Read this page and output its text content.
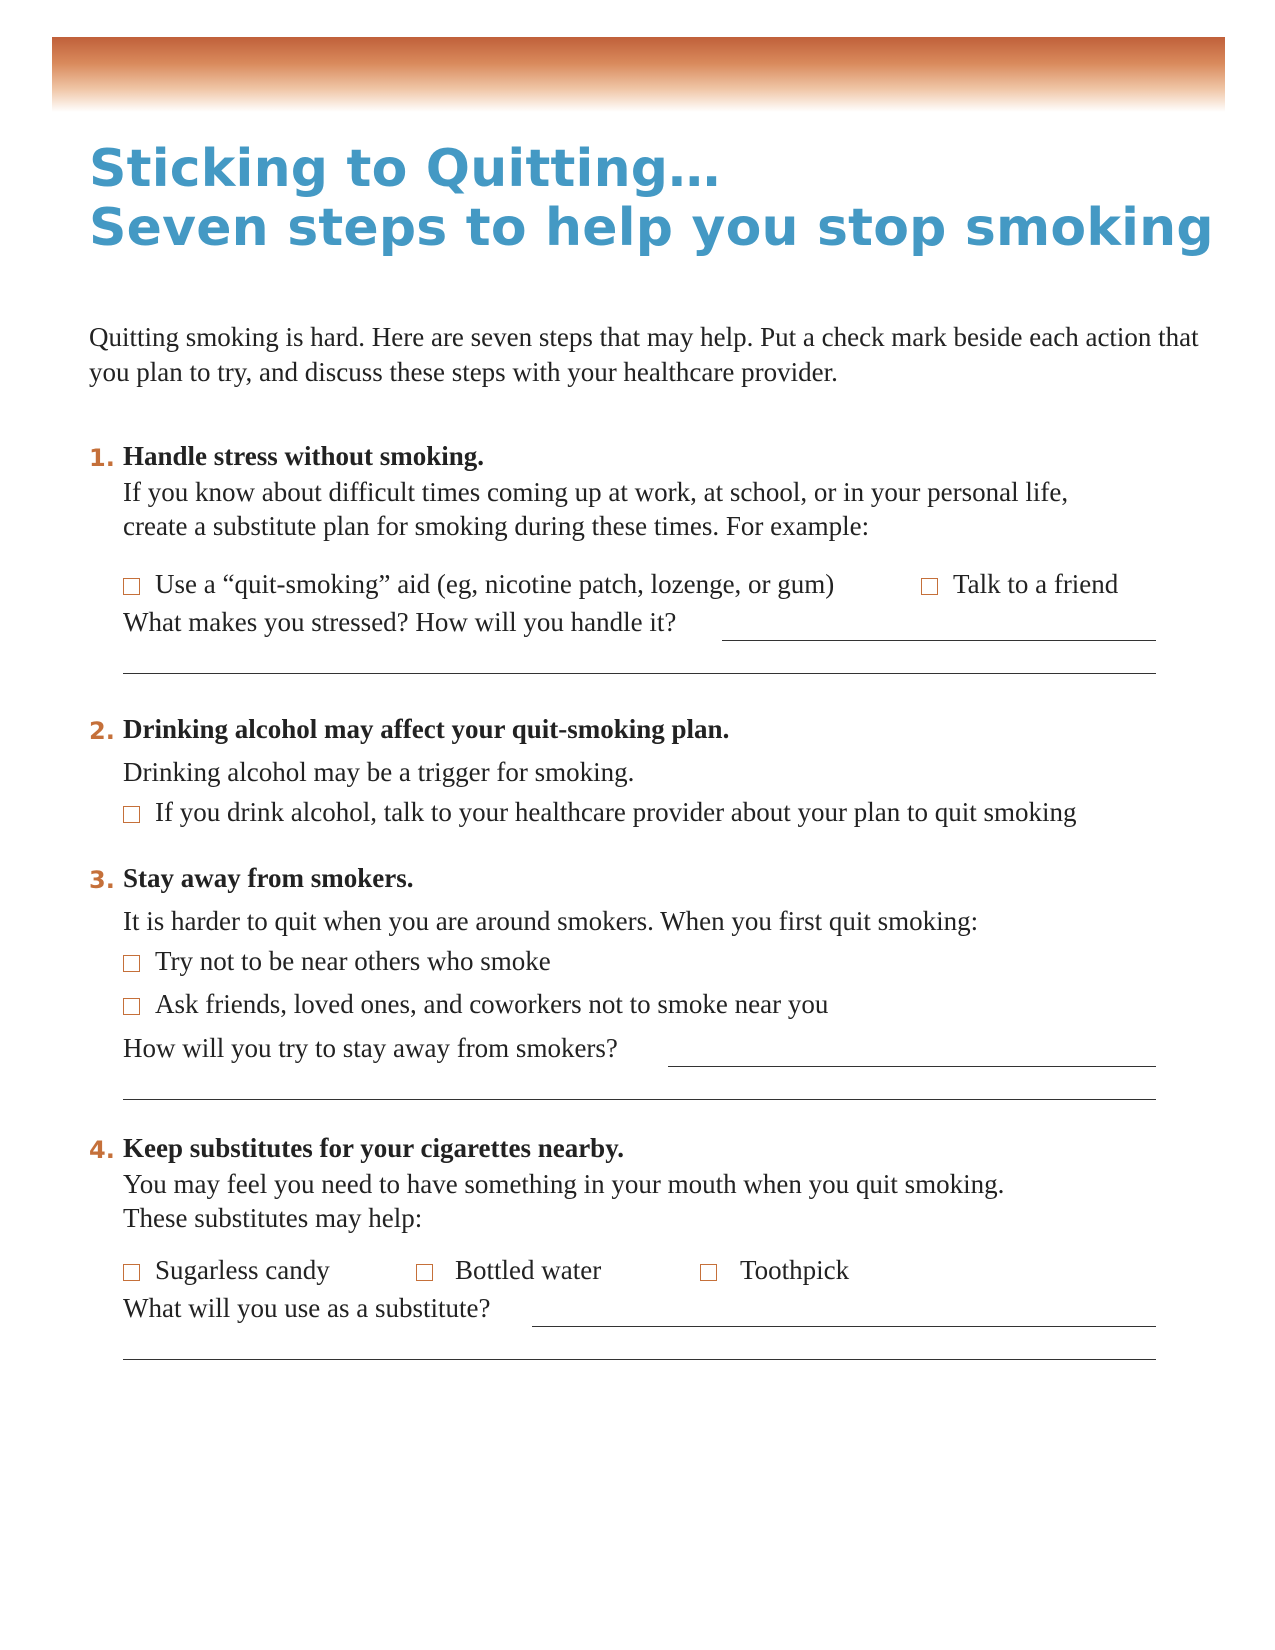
Sticking to Quitting…
Seven steps to help you stop smoking

Quitting smoking is hard. Here are seven steps that may help. Put a check mark beside each action that you plan to try, and discuss these steps with your healthcare provider.

1. Handle stress without smoking.
If you know about difficult times coming up at work, at school, or in your personal life,
create a substitute plan for smoking during these times. For example:
Use a “quit-smoking” aid (eg, nicotine patch, lozenge, or gum)	Talk to a friend
What makes you stressed? How will you handle it?
2. Drinking alcohol may affect your quit-smoking plan.
Drinking alcohol may be a trigger for smoking.
If you drink alcohol, talk to your healthcare provider about your plan to quit smoking
3. Stay away from smokers.
It is harder to quit when you are around smokers. When you first quit smoking:
Try not to be near others who smoke
Ask friends, loved ones, and coworkers not to smoke near you
How will you try to stay away from smokers?
4. Keep substitutes for your cigarettes nearby.
You may feel you need to have something in your mouth when you quit smoking.
These substitutes may help:
Sugarless candy	Bottled water	Toothpick
What will you use as a substitute?
